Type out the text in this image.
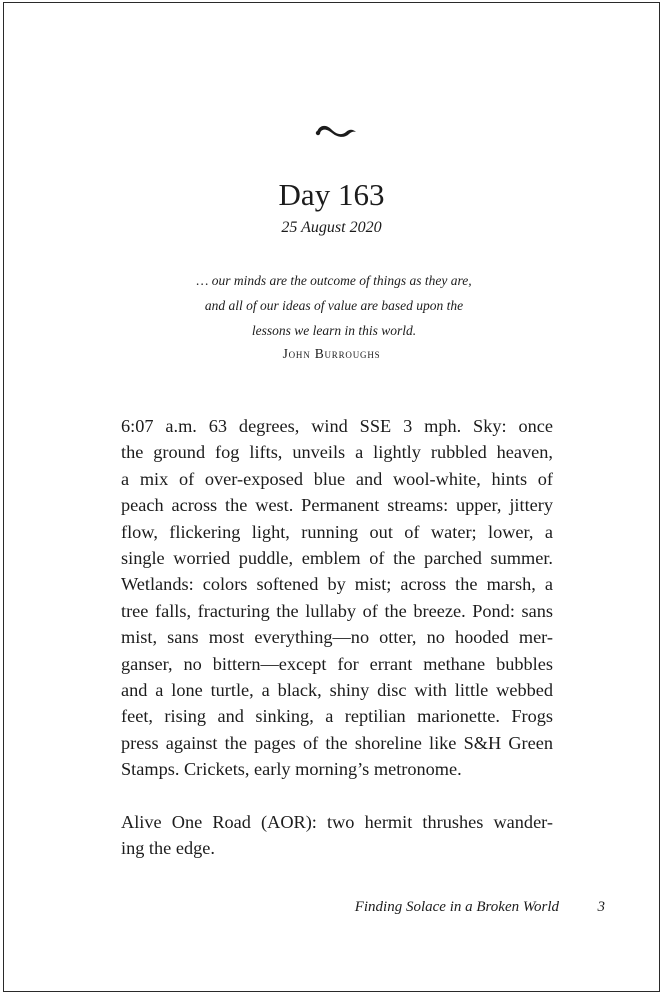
Day 163
25 August 2020
… our minds are the outcome of things as they are,
and all of our ideas of value are based upon the
lessons we learn in this world.
John Burroughs

6:07 a.m. 63 degrees, wind SSE 3 mph. Sky: once
the ground fog lifts, unveils a lightly rubbled heaven,
a mix of over-exposed blue and wool-white, hints of
peach across the west. Permanent streams: upper, jittery
flow, flickering light, running out of water; lower, a
single worried puddle, emblem of the parched summer.
Wetlands: colors softened by mist; across the marsh, a
tree falls, fracturing the lullaby of the breeze. Pond: sans
mist, sans most everything—no otter, no hooded mer-
ganser, no bittern—except for errant methane bubbles
and a lone turtle, a black, shiny disc with little webbed
feet, rising and sinking, a reptilian marionette. Frogs
press against the pages of the shoreline like S&H Green
Stamps. Crickets, early morning’s metronome.

Alive One Road (AOR): two hermit thrushes wander-
ing the edge.

Finding Solace in a Broken World	3
